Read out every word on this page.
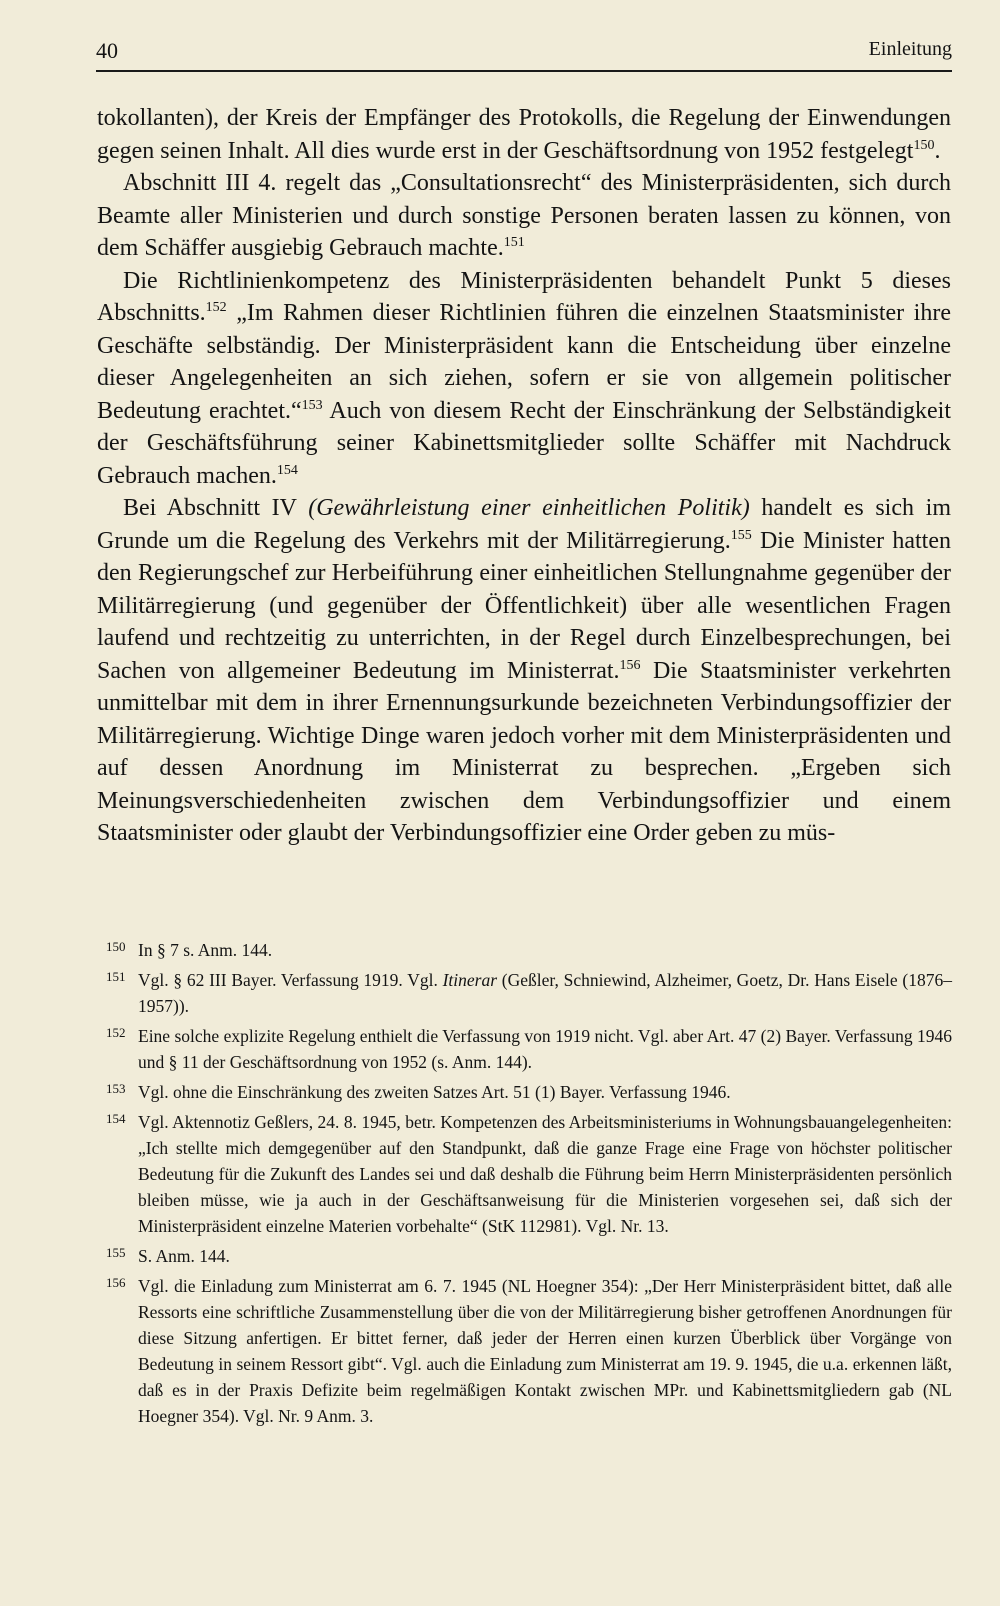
40	Einleitung

tokollanten), der Kreis der Empfänger des Protokolls, die Regelung der Einwendungen gegen seinen Inhalt. All dies wurde erst in der Geschäftsordnung von 1952 festgelegt$^{150}$.

Abschnitt III 4. regelt das „Consultationsrecht“ des Ministerpräsidenten, sich durch Beamte aller Ministerien und durch sonstige Personen beraten lassen zu können, von dem Schäffer ausgiebig Gebrauch machte.$^{151}$

Die Richtlinienkompetenz des Ministerpräsidenten behandelt Punkt 5 dieses Abschnitts.$^{152}$ „Im Rahmen dieser Richtlinien führen die einzelnen Staatsminister ihre Geschäfte selbständig. Der Ministerpräsident kann die Entscheidung über einzelne dieser Angelegenheiten an sich ziehen, sofern er sie von allgemein politischer Bedeutung erachtet.“$^{153}$ Auch von diesem Recht der Einschränkung der Selbständigkeit der Geschäftsführung seiner Kabinettsmitglieder sollte Schäffer mit Nachdruck Gebrauch machen.$^{154}$

Bei Abschnitt IV (Gewährleistung einer einheitlichen Politik) handelt es sich im Grunde um die Regelung des Verkehrs mit der Militärregierung.$^{155}$ Die Minister hatten den Regierungschef zur Herbeiführung einer einheitlichen Stellungnahme gegenüber der Militärregierung (und gegenüber der Öffentlichkeit) über alle wesentlichen Fragen laufend und rechtzeitig zu unterrichten, in der Regel durch Einzelbesprechungen, bei Sachen von allgemeiner Bedeutung im Ministerrat.$^{156}$ Die Staatsminister verkehrten unmittelbar mit dem in ihrer Ernennungsurkunde bezeichneten Verbindungsoffizier der Militärregierung. Wichtige Dinge waren jedoch vorher mit dem Ministerpräsidenten und auf dessen Anordnung im Ministerrat zu besprechen. „Ergeben sich Meinungsverschiedenheiten zwischen dem Verbindungsoffizier und einem Staatsminister oder glaubt der Verbindungsoffizier eine Order geben zu müs-

150 In § 7 s. Anm. 144.
151 Vgl. § 62 III Bayer. Verfassung 1919. Vgl. Itinerar (Geßler, Schniewind, Alzheimer, Goetz, Dr. Hans Eisele (1876–1957)).
152 Eine solche explizite Regelung enthielt die Verfassung von 1919 nicht. Vgl. aber Art. 47 (2) Bayer. Verfassung 1946 und § 11 der Geschäftsordnung von 1952 (s. Anm. 144).
153 Vgl. ohne die Einschränkung des zweiten Satzes Art. 51 (1) Bayer. Verfassung 1946.
154 Vgl. Aktennotiz Geßlers, 24. 8. 1945, betr. Kompetenzen des Arbeitsministeriums in Wohnungsbauangelegenheiten: „Ich stellte mich demgegenüber auf den Standpunkt, daß die ganze Frage eine Frage von höchster politischer Bedeutung für die Zukunft des Landes sei und daß deshalb die Führung beim Herrn Ministerpräsidenten persönlich bleiben müsse, wie ja auch in der Geschäftsanweisung für die Ministerien vorgesehen sei, daß sich der Ministerpräsident einzelne Materien vorbehalte“ (StK 112981). Vgl. Nr. 13.
155 S. Anm. 144.
156 Vgl. die Einladung zum Ministerrat am 6. 7. 1945 (NL Hoegner 354): „Der Herr Ministerpräsident bittet, daß alle Ressorts eine schriftliche Zusammenstellung über die von der Militärregierung bisher getroffenen Anordnungen für diese Sitzung anfertigen. Er bittet ferner, daß jeder der Herren einen kurzen Überblick über Vorgänge von Bedeutung in seinem Ressort gibt“. Vgl. auch die Einladung zum Ministerrat am 19. 9. 1945, die u.a. erkennen läßt, daß es in der Praxis Defizite beim regelmäßigen Kontakt zwischen MPr. und Kabinettsmitgliedern gab (NL Hoegner 354). Vgl. Nr. 9 Anm. 3.
